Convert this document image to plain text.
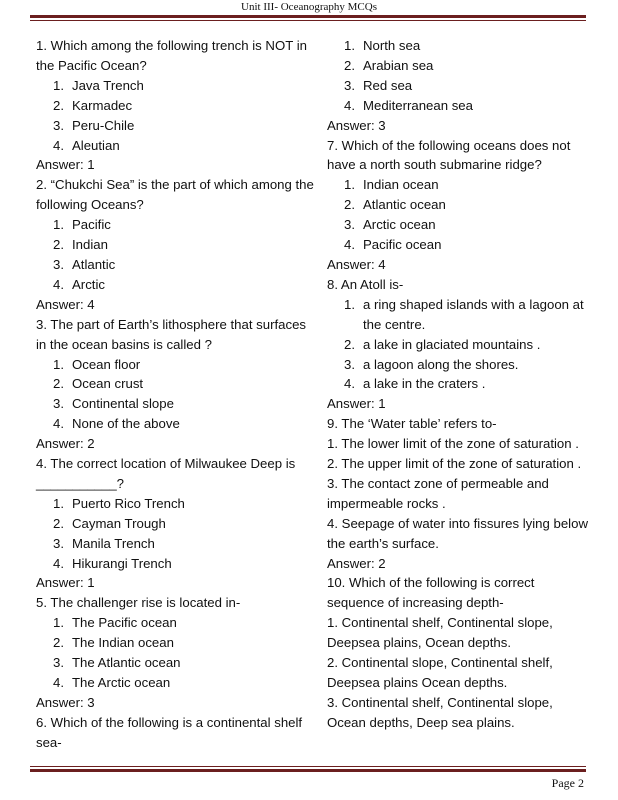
Unit III- Oceanography MCQs

1. Which among the following trench is NOT in the Pacific Ocean?

1. Java Trench
2. Karmadec
3. Peru-Chile
4. Aleutian

Answer: 1

2. “Chukchi Sea” is the part of which among the following Oceans?

1. Pacific
2. Indian
3. Atlantic
4. Arctic

Answer: 4

3. The part of Earth’s lithosphere that surfaces in the ocean basins is called ?

1. Ocean floor
2. Ocean crust
3. Continental slope
4. None of the above

Answer: 2

4. The correct location of Milwaukee Deep is ___________?

1. Puerto Rico Trench
2. Cayman Trough
3. Manila Trench
4. Hikurangi Trench

Answer: 1

5. The challenger rise is located in-

1. The Pacific ocean
2. The Indian ocean
3. The Atlantic ocean
4. The Arctic ocean

Answer: 3

6. Which of the following is a continental shelf sea-

1. North sea
2. Arabian sea
3. Red sea
4. Mediterranean sea

Answer: 3

7. Which of the following oceans does not have a north south submarine ridge?

1. Indian ocean
2. Atlantic ocean
3. Arctic ocean
4. Pacific ocean

Answer: 4

8. An Atoll is-

1. a ring shaped islands with a lagoon at the centre.
2. a lake in glaciated mountains .
3. a lagoon along the shores.
4. a lake in the craters .

Answer: 1

9. The ‘Water table’ refers to-

1. The lower limit of the zone of saturation .

2. The upper limit of the zone of saturation .

3. The contact zone of permeable and impermeable rocks .

4. Seepage of water into fissures lying below the earth’s surface.

Answer: 2

10. Which of the following is correct sequence of increasing depth-

1. Continental shelf, Continental slope, Deepsea plains, Ocean depths.

2. Continental slope, Continental shelf, Deepsea plains Ocean depths.

3. Continental shelf, Continental slope, Ocean depths, Deep sea plains.

Page 2
